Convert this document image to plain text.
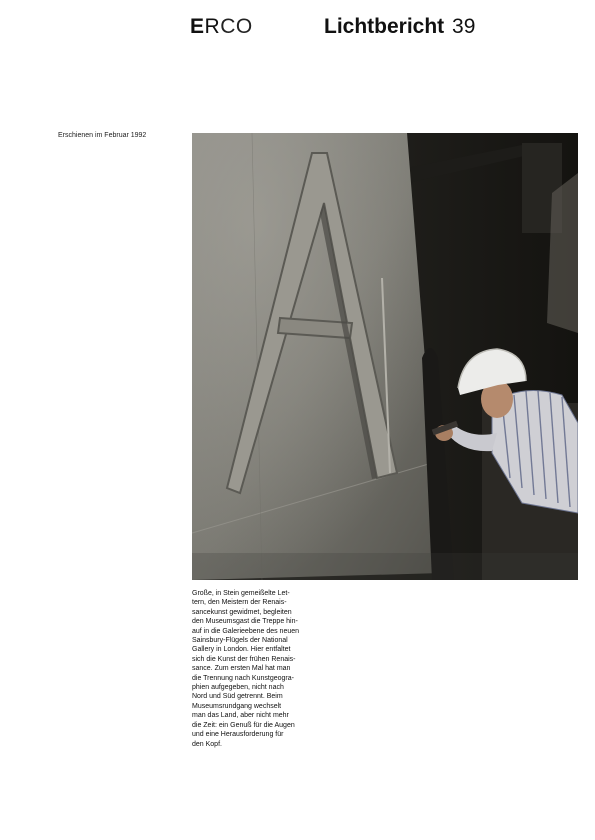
ERCO	Lichtbericht 39
Erschienen im Februar 1992
Große, in Stein gemeißelte Let-
tern, den Meistern der Renais-
sancekunst gewidmet, begleiten
den Museumsgast die Treppe hin-
auf in die Galerieebene des neuen
Sainsbury-Flügels der National
Gallery in London. Hier entfaltet
sich die Kunst der frühen Renais-
sance. Zum ersten Mal hat man
die Trennung nach Kunstgeogra-
phien aufgegeben, nicht nach
Nord und Süd getrennt. Beim
Museumsrundgang wechselt
man das Land, aber nicht mehr
die Zeit: ein Genuß für die Augen
und eine Herausforderung für
den Kopf.
